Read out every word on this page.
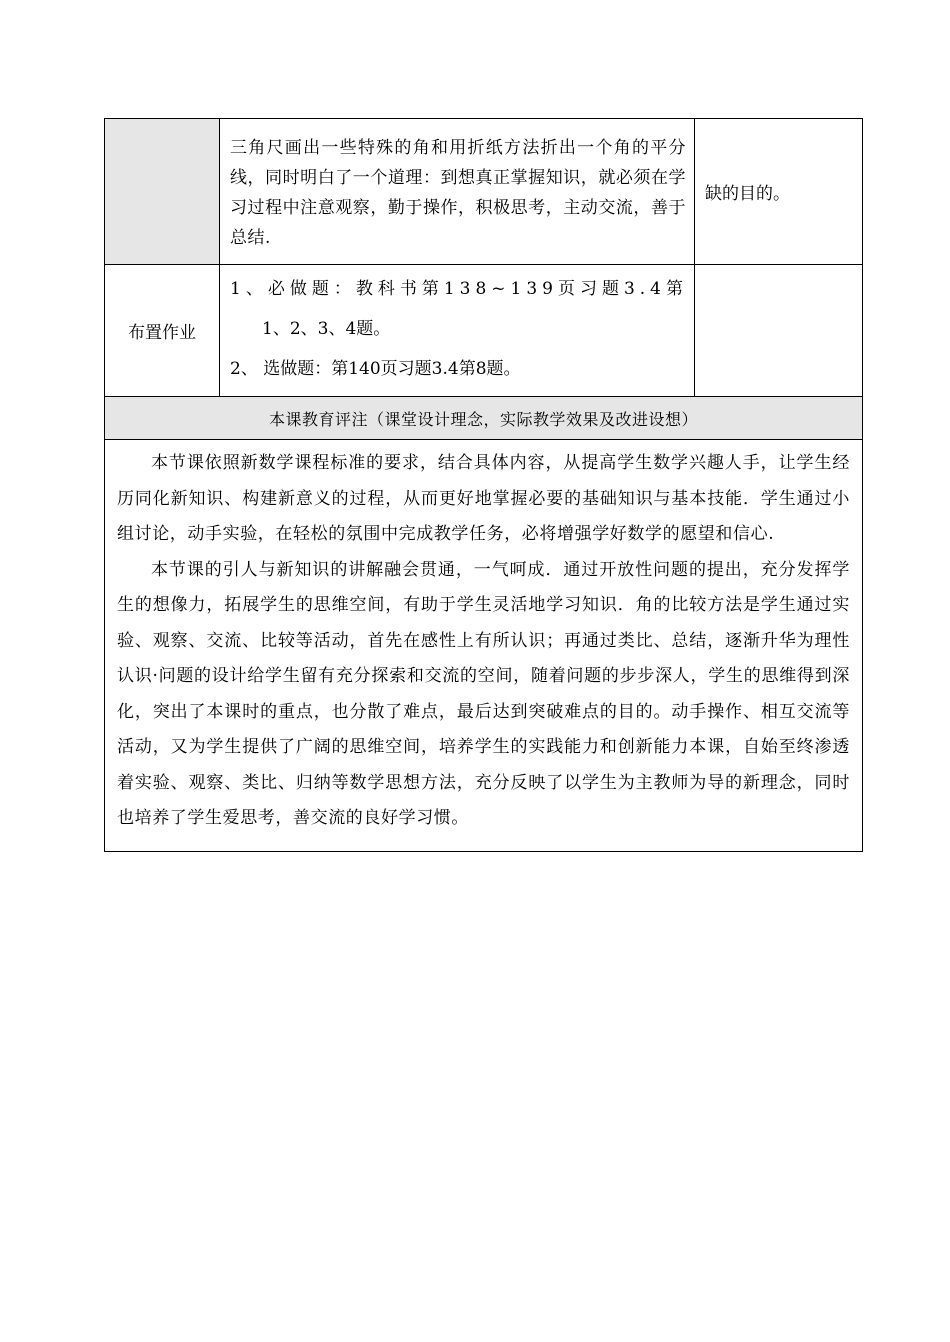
	三角尺画出一些特殊的角和用折纸方法折出一个角的平分线，同时明白了一个道理：到想真正掌握知识，就必须在学习过程中注意观察，勤于操作，积极思考，主动交流，善于总结.	缺的目的。

布置作业	1、必做题：教科书第138~139页习题3.4第

1、2、3、4题。

2、 选做题：第140页习题3.4第8题。	

本课教育评注（课堂设计理念，实际教学效果及改进设想）		

本节课依照新数学课程标准的要求，结合具体内容，从提高学生数学兴趣人手，让学生经历同化新知识、构建新意义的过程，从而更好地掌握必要的基础知识与基本技能．学生通过小组讨论，动手实验，在轻松的氛围中完成教学任务，必将增强学好数学的愿望和信心.

本节课的引人与新知识的讲解融会贯通，一气呵成．通过开放性问题的提出，充分发挥学生的想像力，拓展学生的思维空间，有助于学生灵活地学习知识．角的比较方法是学生通过实验、观察、交流、比较等活动，首先在感性上有所认识；再通过类比、总结，逐渐升华为理性认识·问题的设计给学生留有充分探索和交流的空间，随着问题的步步深人，学生的思维得到深化，突出了本课时的重点，也分散了难点，最后达到突破难点的目的。动手操作、相互交流等活动，又为学生提供了广阔的思维空间，培养学生的实践能力和创新能力本课，自始至终渗透着实验、观察、类比、归纳等数学思想方法，充分反映了以学生为主教师为导的新理念，同时也培养了学生爱思考，善交流的良好学习惯。		
